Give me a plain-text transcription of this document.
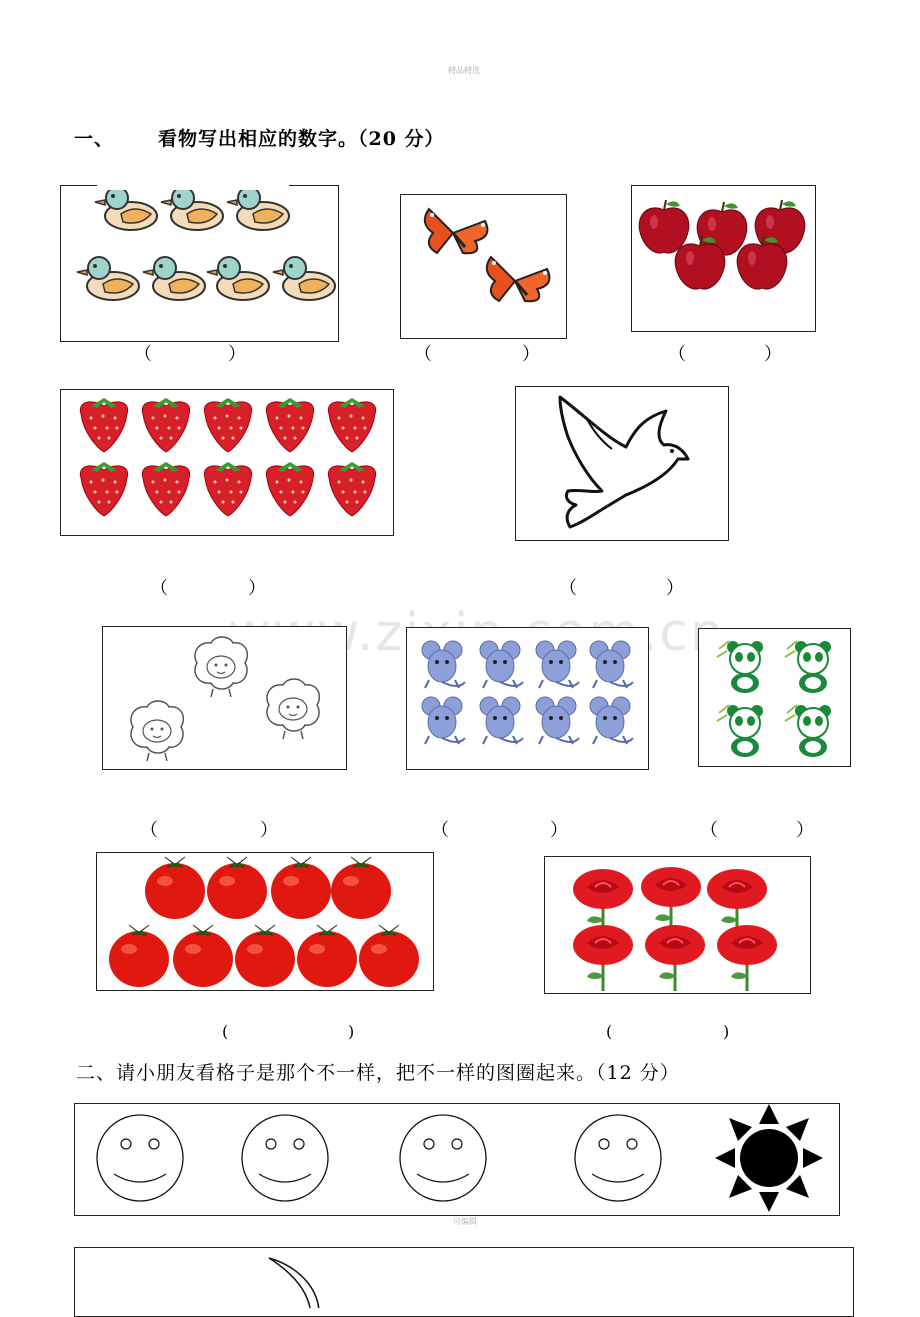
精品精选
可编辑
一、 看物写出相应的数字。（20 分）
（	）	（	）	（	）
（	）	（	）
（	）	（	）	（	）
(	)	(	)
二、请小朋友看格子是那个不一样，把不一样的图圈起来。（12 分）
